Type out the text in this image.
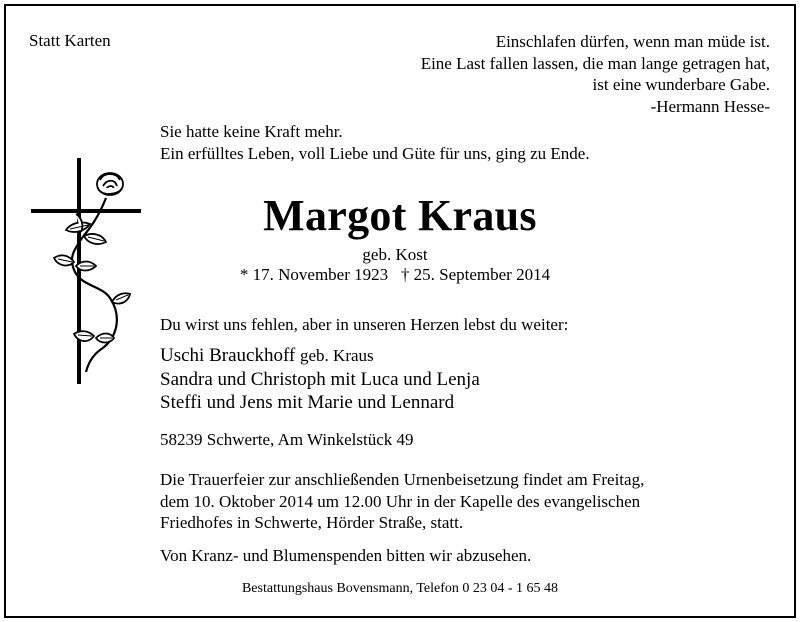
Statt Karten	Einschlafen dürfen, wenn man müde ist.
Eine Last fallen lassen, die man lange getragen hat,
ist eine wunderbare Gabe.
-Hermann Hesse-
Sie hatte keine Kraft mehr.
Ein erfülltes Leben, voll Liebe und Güte für uns, ging zu Ende.
Margot Kraus
geb. Kost
* 17. November 1923   † 25. September 2014
Du wirst uns fehlen, aber in unseren Herzen lebst du weiter:
Uschi Brauckhoff geb. Kraus
Sandra und Christoph mit Luca und Lenja
Steffi und Jens mit Marie und Lennard
58239 Schwerte, Am Winkelstück 49
Die Trauerfeier zur anschließenden Urnenbeisetzung findet am Freitag,
dem 10. Oktober 2014 um 12.00 Uhr in der Kapelle des evangelischen
Friedhofes in Schwerte, Hörder Straße, statt.
Von Kranz- und Blumenspenden bitten wir abzusehen.
Bestattungshaus Bovensmann, Telefon 0 23 04 - 1 65 48
